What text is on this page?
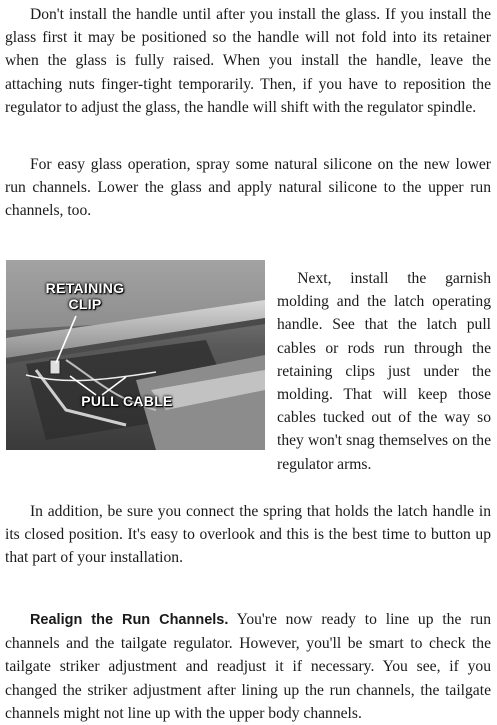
Don't install the handle until after you install the glass. If you install the glass first it may be positioned so the handle will not fold into its retainer when the glass is fully raised. When you install the handle, leave the attaching nuts finger-tight temporarily. Then, if you have to reposition the regulator to adjust the glass, the handle will shift with the regulator spindle.

For easy glass operation, spray some natural silicone on the new lower run channels. Lower the glass and apply natural silicone to the upper run channels, too.

RETAINING
CLIP
PULL CABLE

Next, install the garnish molding and the latch operating handle. See that the latch pull cables or rods run through the retaining clips just under the molding. That will keep those cables tucked out of the way so they won't snag themselves on the regulator arms.

In addition, be sure you connect the spring that holds the latch handle in its closed position. It's easy to overlook and this is the best time to button up that part of your installation.

Realign the Run Channels. You're now ready to line up the run channels and the tailgate regulator. However, you'll be smart to check the tailgate striker adjustment and readjust it if necessary. You see, if you changed the striker adjustment after lining up the run channels, the tailgate channels might not line up with the upper body channels.
